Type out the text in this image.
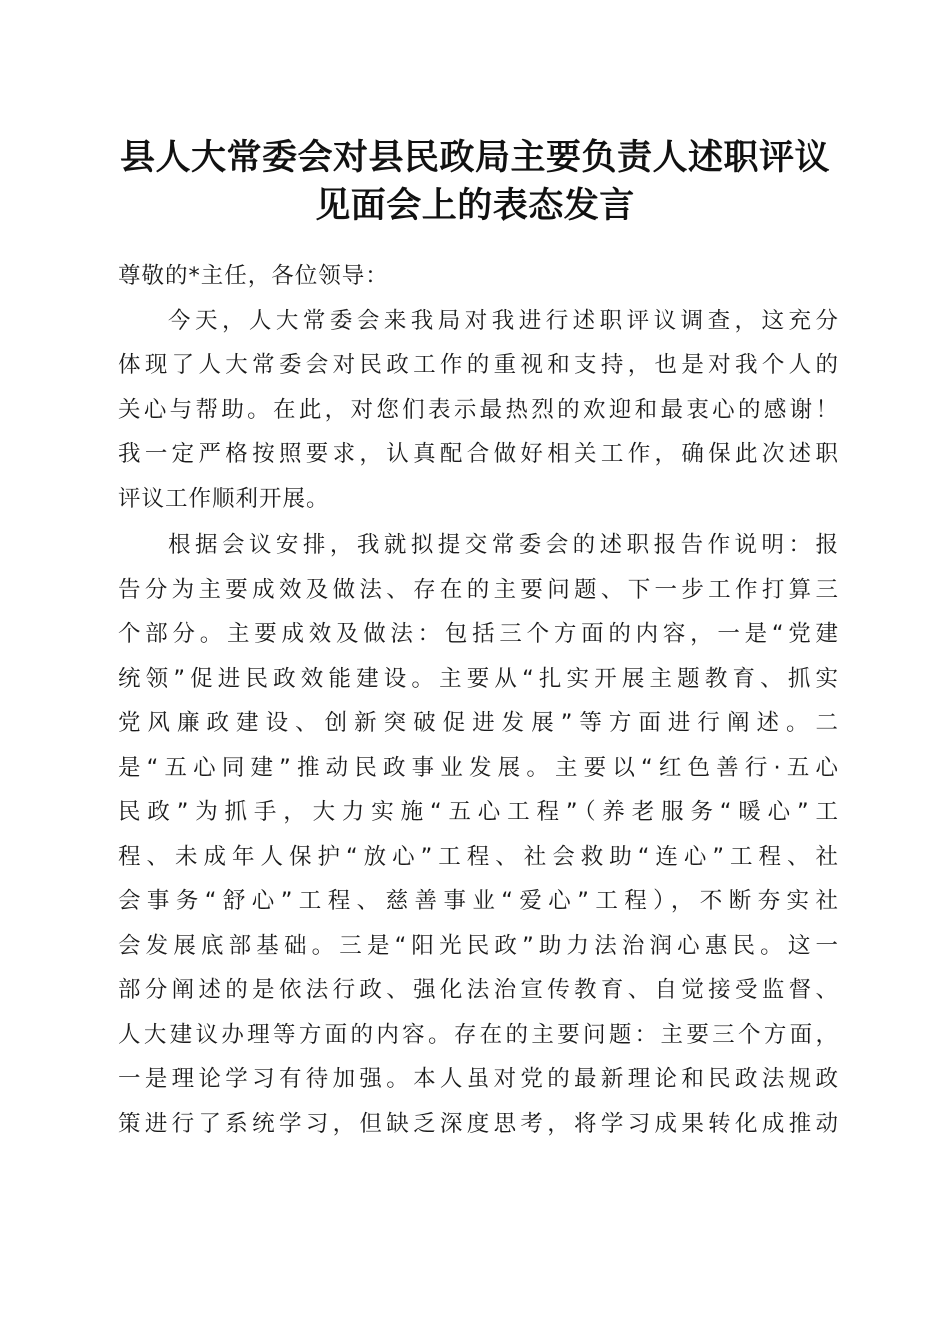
县人大常委会对县民政局主要负责人述职评议
见面会上的表态发言

尊敬的*主任，各位领导：

今天，人大常委会来我局对我进行述职评议调查，这充分
体现了人大常委会对民政工作的重视和支持，也是对我个人的
关心与帮助。在此，对您们表示最热烈的欢迎和最衷心的感谢！
我一定严格按照要求，认真配合做好相关工作，确保此次述职
评议工作顺利开展。

根据会议安排，我就拟提交常委会的述职报告作说明：报
告分为主要成效及做法、存在的主要问题、下一步工作打算三
个部分。主要成效及做法：包括三个方面的内容，一是“党建
统领”促进民政效能建设。主要从“扎实开展主题教育、抓实
党风廉政建设、创新突破促进发展”等方面进行阐述。二
是“五心同建”推动民政事业发展。主要以“红色善行·五心
民政”为抓手，大力实施“五心工程”（养老服务“暖心”工
程、未成年人保护“放心”工程、社会救助“连心”工程、社
会事务“舒心”工程、慈善事业“爱心”工程），不断夯实社
会发展底部基础。三是“阳光民政”助力法治润心惠民。这一
部分阐述的是依法行政、强化法治宣传教育、自觉接受监督、
人大建议办理等方面的内容。存在的主要问题：主要三个方面，
一是理论学习有待加强。本人虽对党的最新理论和民政法规政
策进行了系统学习，但缺乏深度思考，将学习成果转化成推动
